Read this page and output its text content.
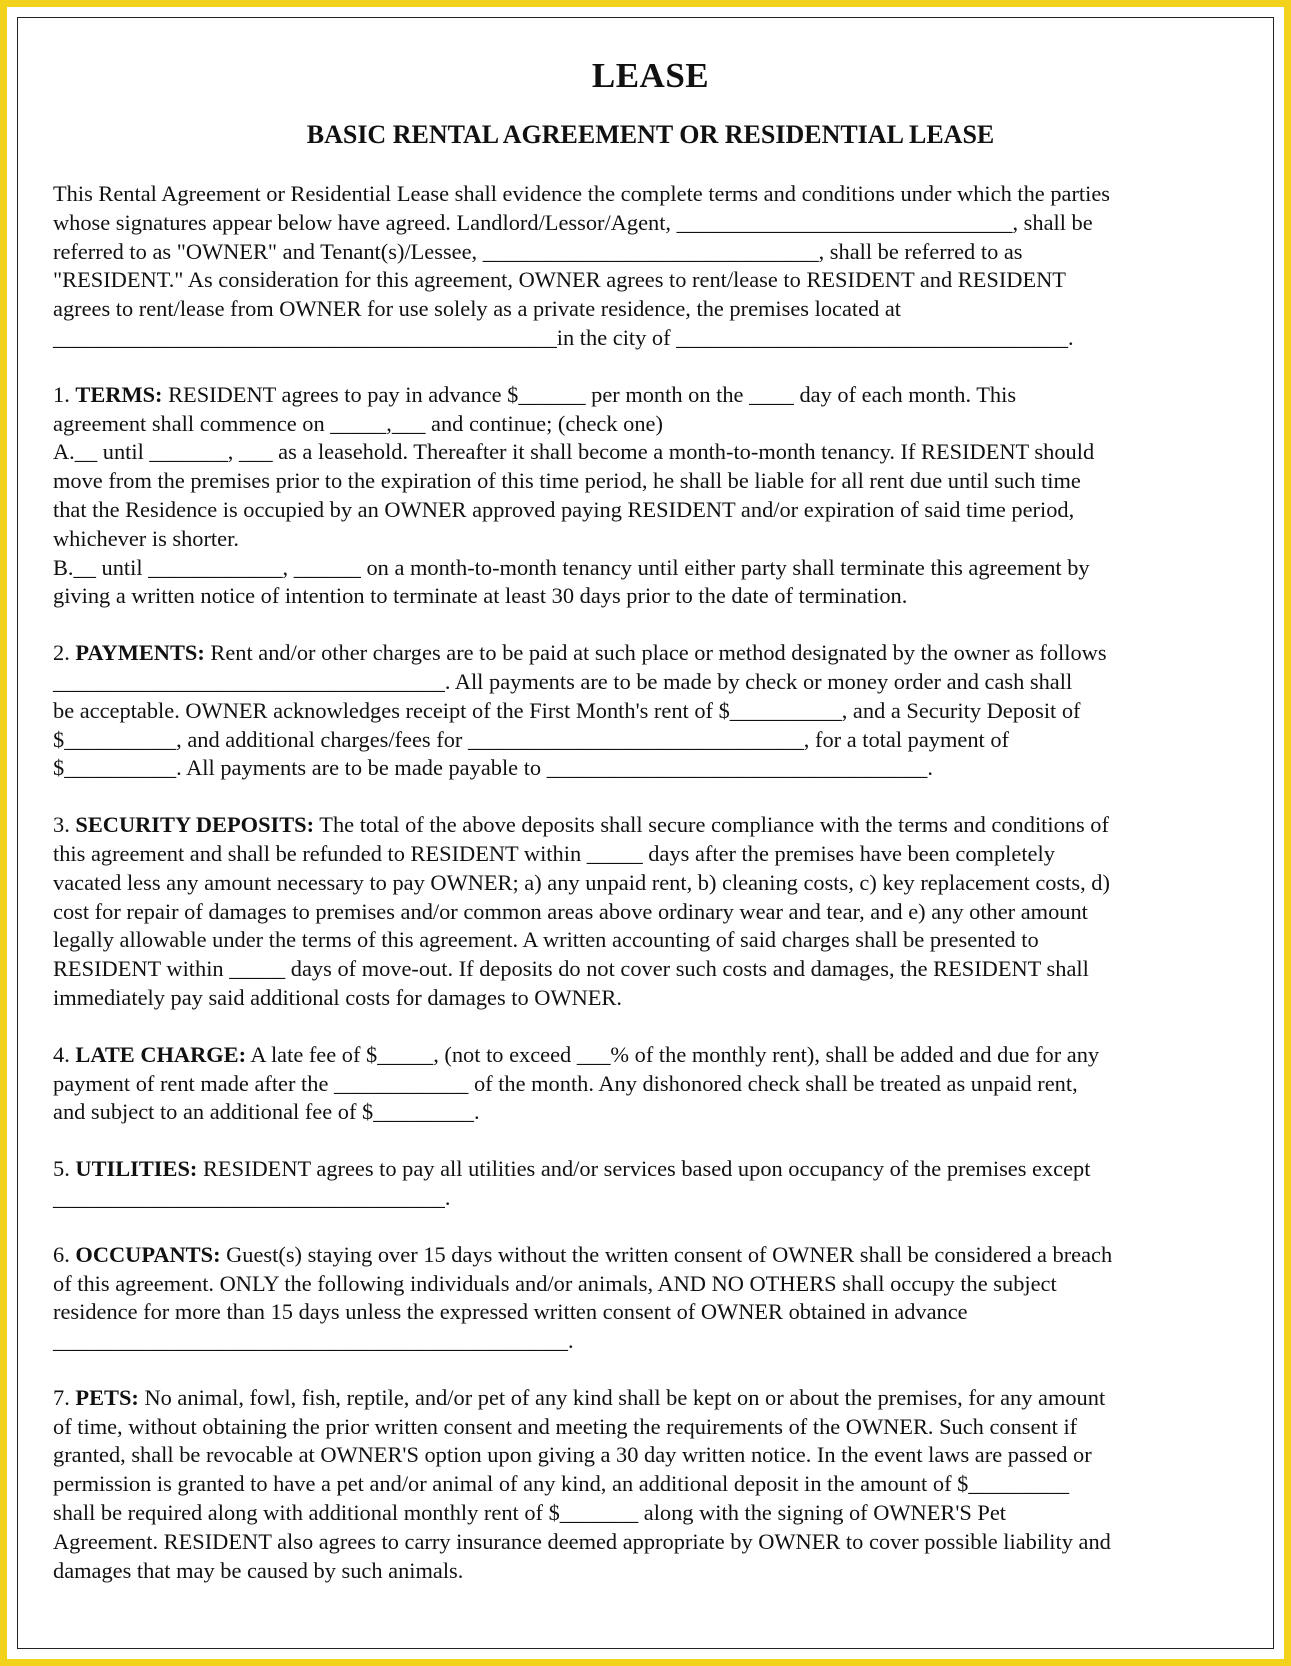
LEASE
BASIC RENTAL AGREEMENT OR RESIDENTIAL LEASE
This Rental Agreement or Residential Lease shall evidence the complete terms and conditions under which the parties
whose signatures appear below have agreed. Landlord/Lessor/Agent, ______________________________, shall be
referred to as "OWNER" and Tenant(s)/Lessee, ______________________________, shall be referred to as
"RESIDENT." As consideration for this agreement, OWNER agrees to rent/lease to RESIDENT and RESIDENT
agrees to rent/lease from OWNER for use solely as a private residence, the premises located at
_____________________________________________in the city of ___________________________________.
1. TERMS: RESIDENT agrees to pay in advance $______ per month on the ____ day of each month. This
agreement shall commence on _____,___ and continue; (check one)
A.__ until _______, ___ as a leasehold. Thereafter it shall become a month-to-month tenancy. If RESIDENT should
move from the premises prior to the expiration of this time period, he shall be liable for all rent due until such time
that the Residence is occupied by an OWNER approved paying RESIDENT and/or expiration of said time period,
whichever is shorter.
B.__ until ____________, ______ on a month-to-month tenancy until either party shall terminate this agreement by
giving a written notice of intention to terminate at least 30 days prior to the date of termination.
2. PAYMENTS: Rent and/or other charges are to be paid at such place or method designated by the owner as follows
___________________________________. All payments are to be made by check or money order and cash shall
be acceptable. OWNER acknowledges receipt of the First Month's rent of $__________, and a Security Deposit of
$__________, and additional charges/fees for ______________________________, for a total payment of
$__________. All payments are to be made payable to __________________________________.
3. SECURITY DEPOSITS: The total of the above deposits shall secure compliance with the terms and conditions of
this agreement and shall be refunded to RESIDENT within _____ days after the premises have been completely
vacated less any amount necessary to pay OWNER; a) any unpaid rent, b) cleaning costs, c) key replacement costs, d)
cost for repair of damages to premises and/or common areas above ordinary wear and tear, and e) any other amount
legally allowable under the terms of this agreement. A written accounting of said charges shall be presented to
RESIDENT within _____ days of move-out. If deposits do not cover such costs and damages, the RESIDENT shall
immediately pay said additional costs for damages to OWNER.
4. LATE CHARGE: A late fee of $_____, (not to exceed ___% of the monthly rent), shall be added and due for any
payment of rent made after the ____________ of the month. Any dishonored check shall be treated as unpaid rent,
and subject to an additional fee of $_________.
5. UTILITIES: RESIDENT agrees to pay all utilities and/or services based upon occupancy of the premises except
___________________________________.
6. OCCUPANTS: Guest(s) staying over 15 days without the written consent of OWNER shall be considered a breach
of this agreement. ONLY the following individuals and/or animals, AND NO OTHERS shall occupy the subject
residence for more than 15 days unless the expressed written consent of OWNER obtained in advance
______________________________________________.
7. PETS: No animal, fowl, fish, reptile, and/or pet of any kind shall be kept on or about the premises, for any amount
of time, without obtaining the prior written consent and meeting the requirements of the OWNER. Such consent if
granted, shall be revocable at OWNER'S option upon giving a 30 day written notice. In the event laws are passed or
permission is granted to have a pet and/or animal of any kind, an additional deposit in the amount of $_________
shall be required along with additional monthly rent of $_______ along with the signing of OWNER'S Pet
Agreement. RESIDENT also agrees to carry insurance deemed appropriate by OWNER to cover possible liability and
damages that may be caused by such animals.
